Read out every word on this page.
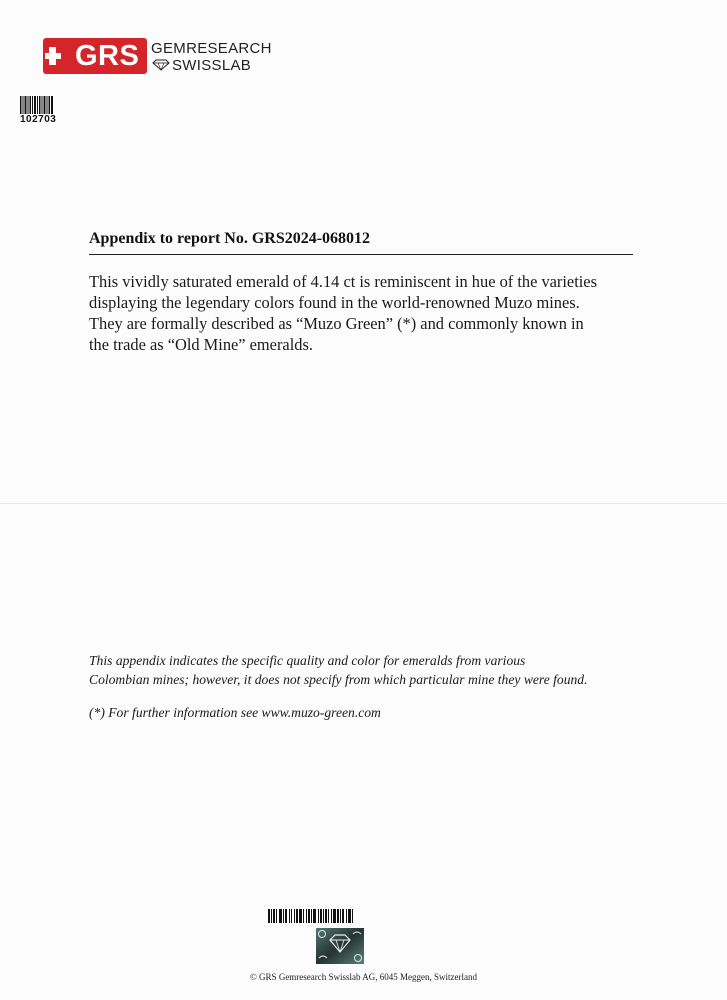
GRS GEMRESEARCH
SWISSLAB
102703
Appendix to report No. GRS2024-068012

This vividly saturated emerald of 4.14 ct is reminiscent in hue of the varieties

displaying the legendary colors found in the world-renowned Muzo mines.

They are formally described as “Muzo Green” (*) and commonly known in

the trade as “Old Mine” emeralds.

This appendix indicates the specific quality and color for emeralds from various

Colombian mines; however, it does not specify from which particular mine they were found.

(*) For further information see www.muzo-green.com
© GRS Gemresearch Swisslab AG, 6045 Meggen, Switzerland
